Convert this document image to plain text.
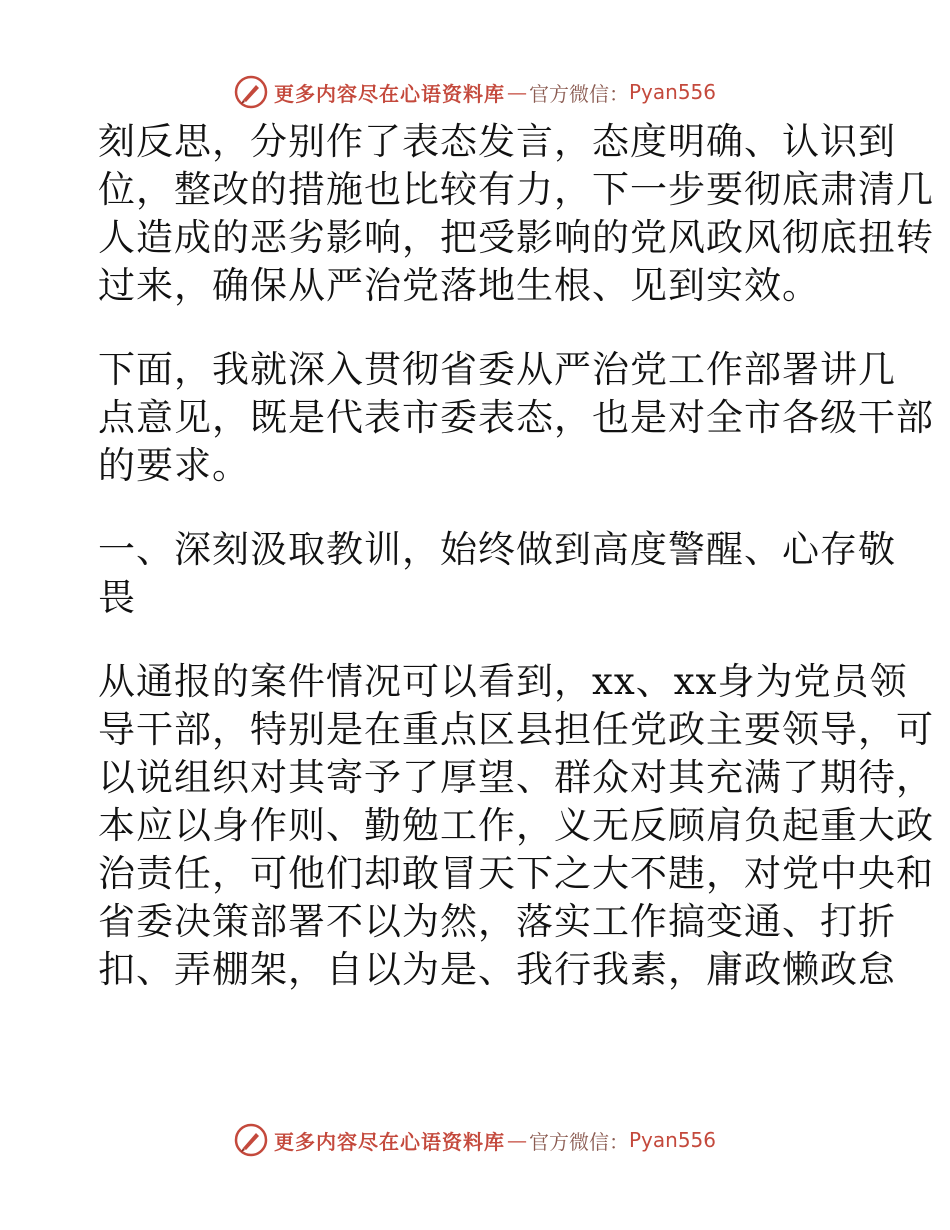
更多内容尽在心语资料库 — 官方微信： Pyan556
刻反思，分别作了表态发言，态度明确、认识到
位，整改的措施也比较有力，下一步要彻底肃清几
人造成的恶劣影响，把受影响的党风政风彻底扭转
过来，确保从严治党落地生根、见到实效。
下面，我就深入贯彻省委从严治党工作部署讲几
点意见，既是代表市委表态，也是对全市各级干部
的要求。
一、深刻汲取教训，始终做到高度警醒、心存敬
畏
从通报的案件情况可以看到，xx、xx身为党员领
导干部，特别是在重点区县担任党政主要领导，可
以说组织对其寄予了厚望、群众对其充满了期待，
本应以身作则、勤勉工作，义无反顾肩负起重大政
治责任，可他们却敢冒天下之大不韪，对党中央和
省委决策部署不以为然，落实工作搞变通、打折
扣、弄棚架，自以为是、我行我素，庸政懒政怠
更多内容尽在心语资料库 — 官方微信： Pyan556
